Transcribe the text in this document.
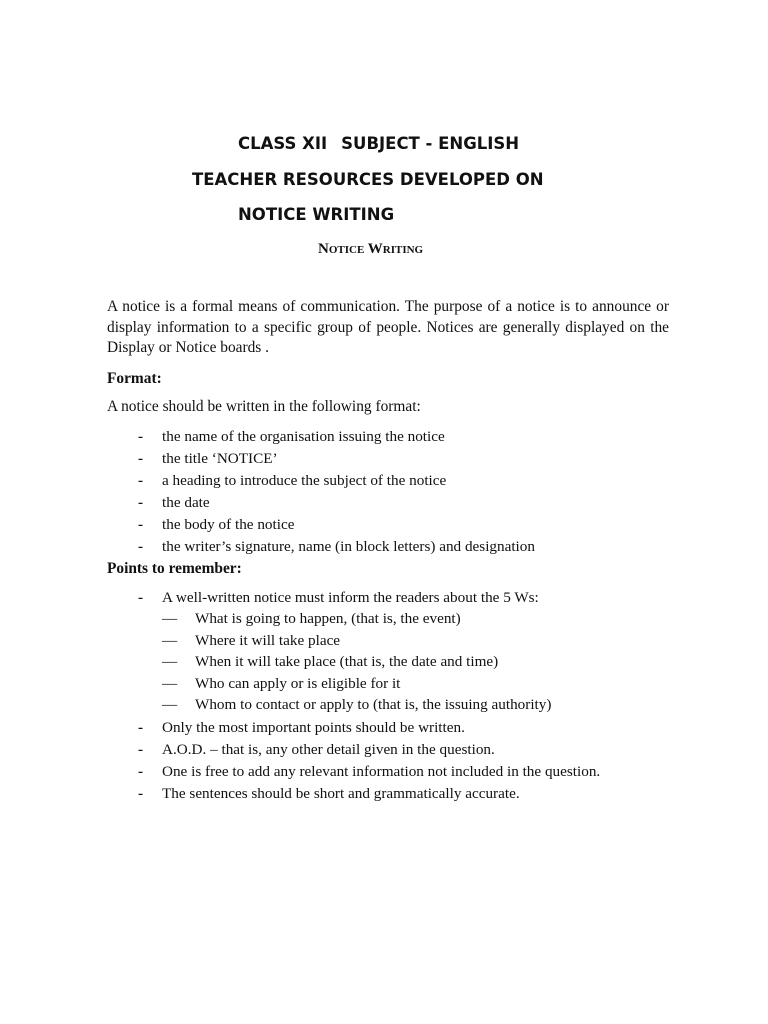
CLASS XII SUBJECT - ENGLISH
TEACHER RESOURCES DEVELOPED ON
NOTICE WRITING
Notice Writing
A notice is a formal means of communication. The purpose of a notice is to announce or display information to a specific group of people. Notices are generally displayed on the Display or Notice boards .
Format:
A notice should be written in the following format:
- the name of the organisation issuing the notice
- the title ‘NOTICE’
- a heading to introduce the subject of the notice
- the date
- the body of the notice
- the writer’s signature, name (in block letters) and designation
Points to remember:
- A well-written notice must inform the readers about the 5 Ws:
— What is going to happen, (that is, the event)
— Where it will take place
— When it will take place (that is, the date and time)
— Who can apply or is eligible for it
— Whom to contact or apply to (that is, the issuing authority)
- Only the most important points should be written.
- A.O.D. – that is, any other detail given in the question.
- One is free to add any relevant information not included in the question.
- The sentences should be short and grammatically accurate.
